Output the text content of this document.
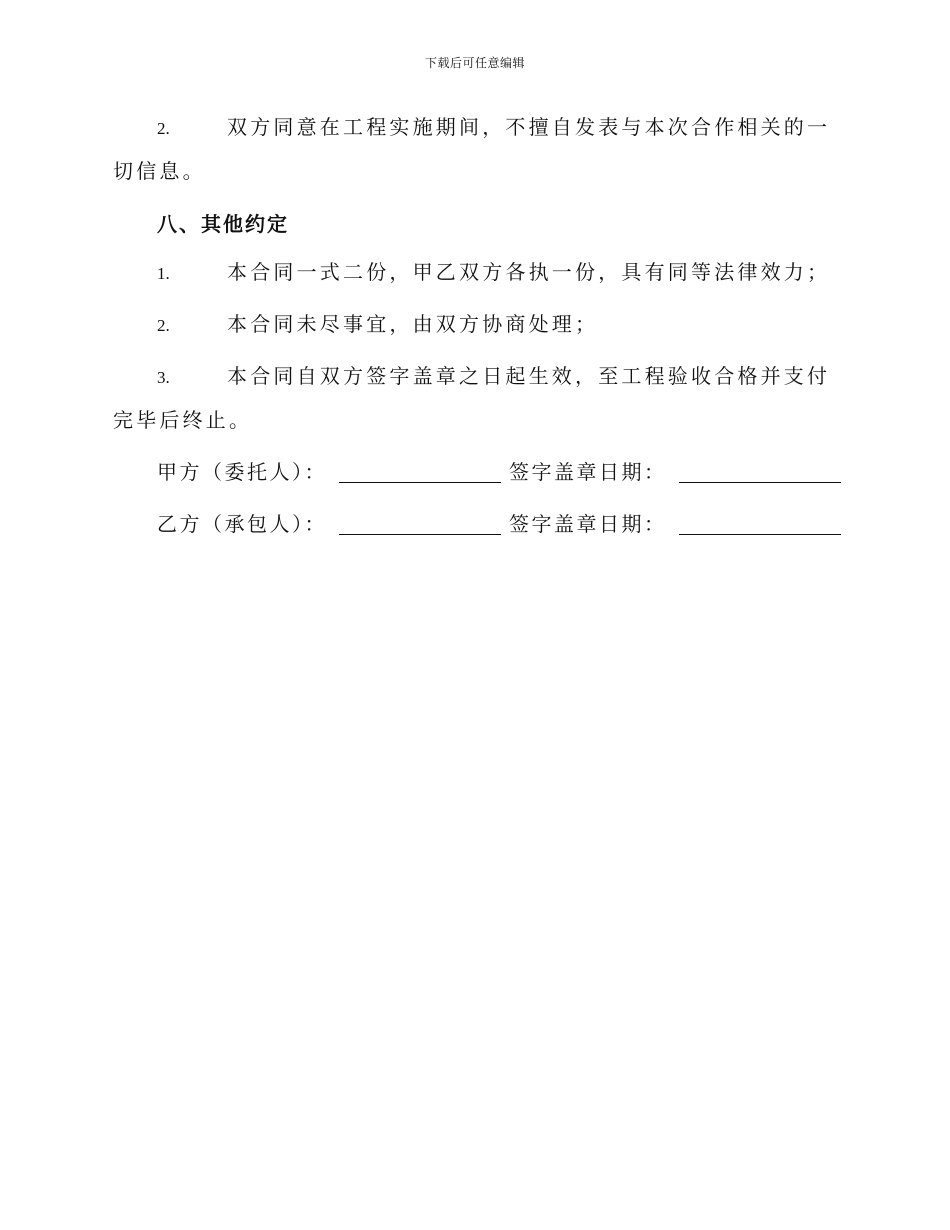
下载后可任意编辑

2.	双方同意在工程实施期间，不擅自发表与本次合作相关的一切信息。

八、其他约定

1.	本合同一式二份，甲乙双方各执一份，具有同等法律效力；

2.	本合同未尽事宜，由双方协商处理；

3.	本合同自双方签字盖章之日起生效，至工程验收合格并支付完毕后终止。

甲方（委托人）：	签字盖章日期：
乙方（承包人）：	签字盖章日期：
